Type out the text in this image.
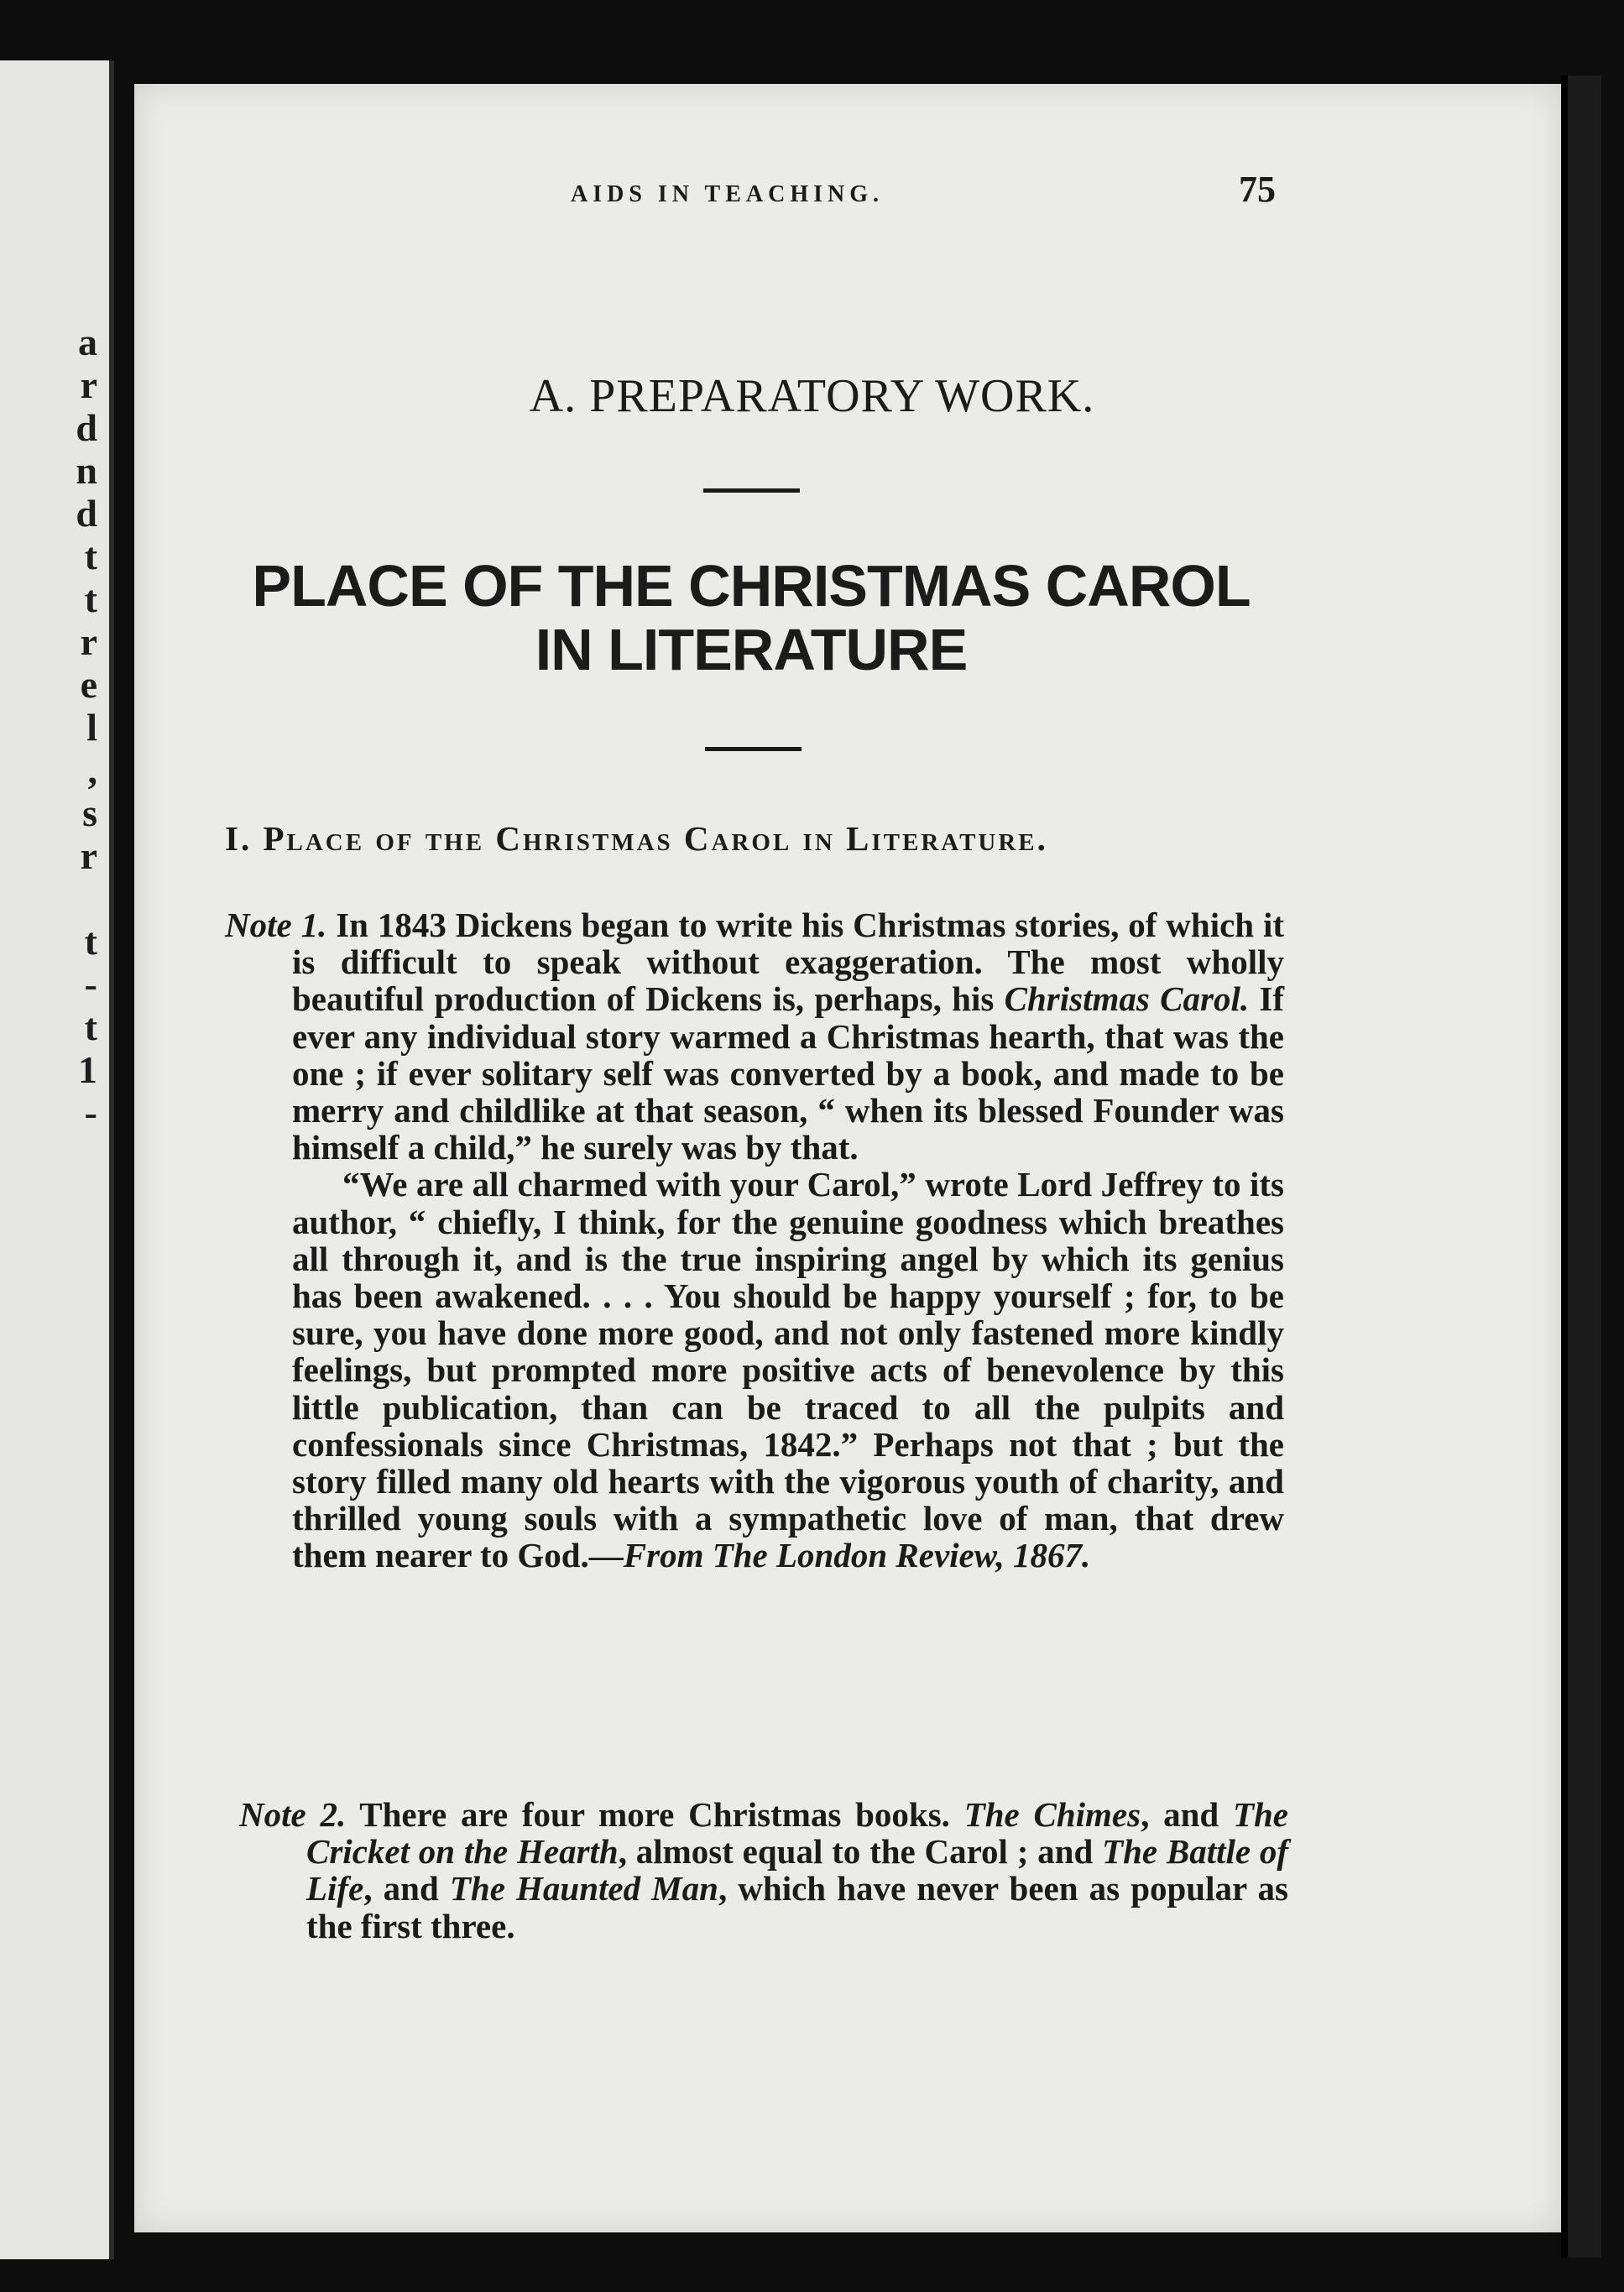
a
r
d
n
d
t
t
r
e
l
,
s
r
t
-
t
1
-
AIDS IN TEACHING.	75
A. PREPARATORY WORK.
PLACE OF THE CHRISTMAS CAROL
IN LITERATURE
I. Place of the Christmas Carol in Literature.

Note 1. In 1843 Dickens began to write his Christmas stories, of which it is difficult to speak without exaggeration. The most wholly beautiful production of Dickens is, perhaps, his Christmas Carol. If ever any individual story warmed a Christmas hearth, that was the one ; if ever solitary self was converted by a book, and made to be merry and childlike at that season, “ when its blessed Founder was himself a child,” he surely was by that.

“We are all charmed with your Carol,” wrote Lord Jeffrey to its author, “ chiefly, I think, for the genuine goodness which breathes all through it, and is the true inspiring angel by which its genius has been awakened. . . . You should be happy yourself ; for, to be sure, you have done more good, and not only fastened more kindly feelings, but prompted more positive acts of benevolence by this little publication, than can be traced to all the pulpits and confessionals since Christmas, 1842.” Perhaps not that ; but the story filled many old hearts with the vigorous youth of charity, and thrilled young souls with a sympathetic love of man, that drew them nearer to God.—From The London Review, 1867.

Note 2. There are four more Christmas books. The Chimes, and The Cricket on the Hearth, almost equal to the Carol ; and The Battle of Life, and The Haunted Man, which have never been as popular as the first three.
